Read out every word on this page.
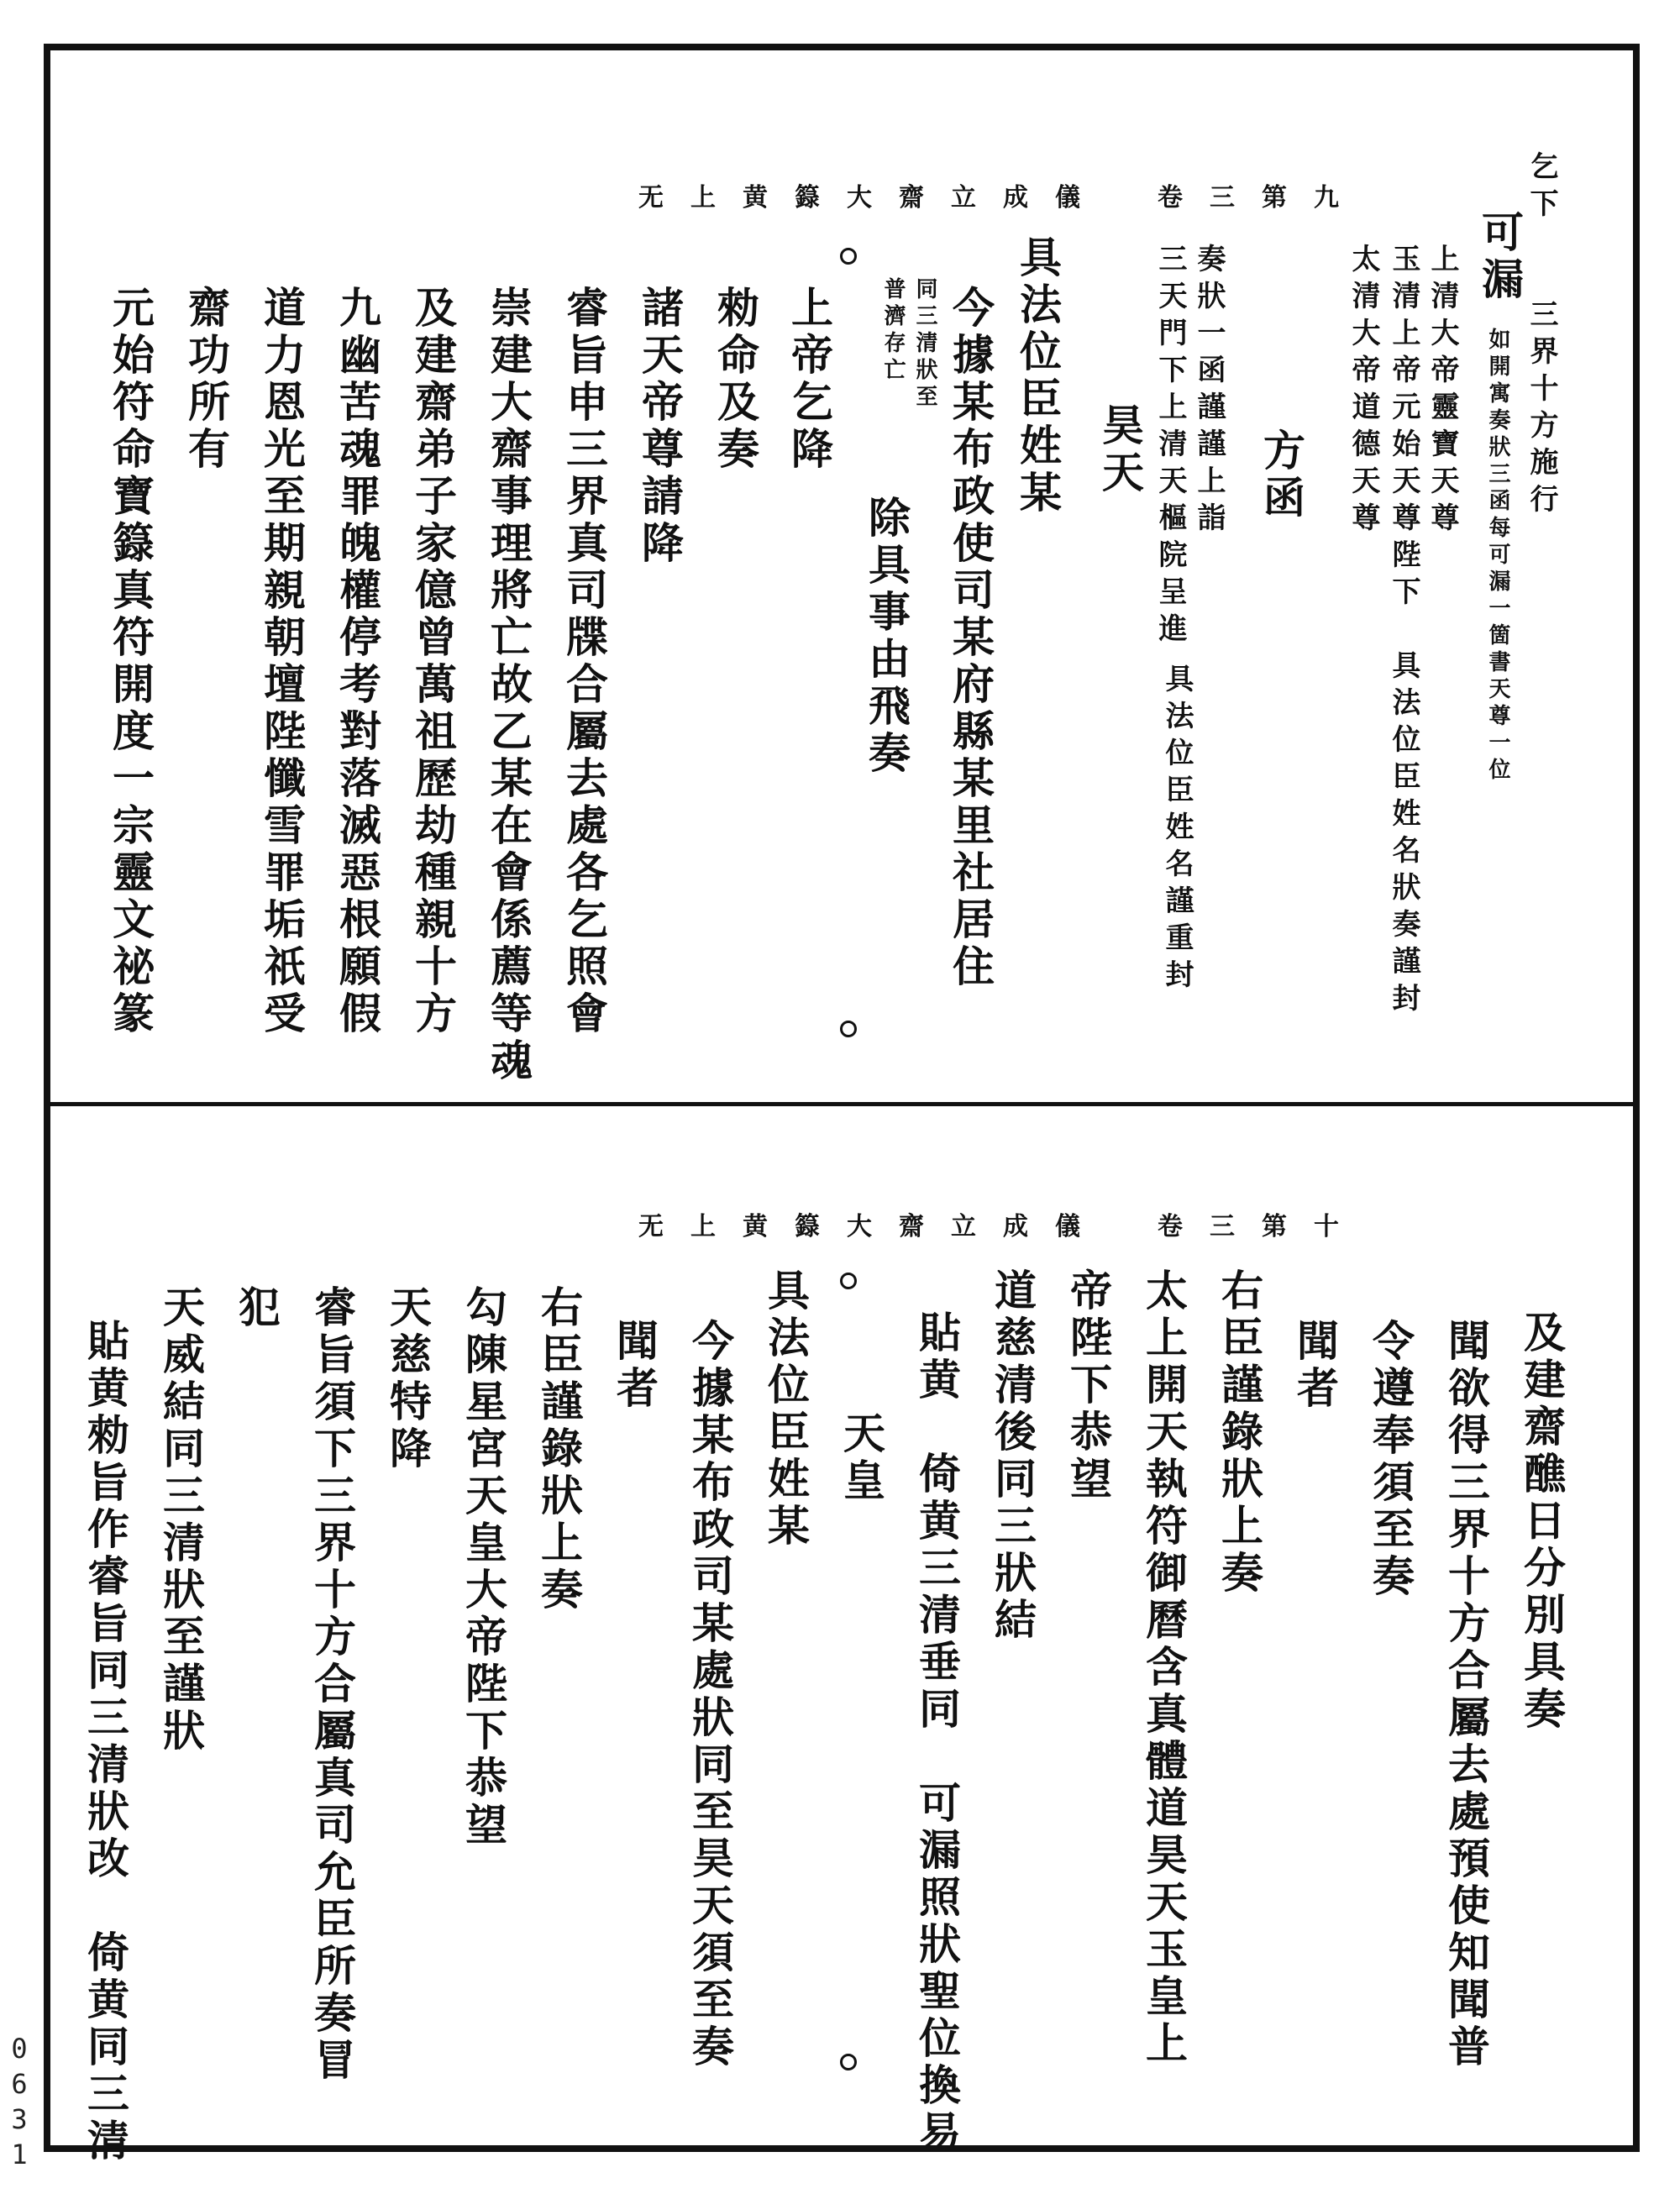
无上黄籙大齋立成儀 卷三第九
无上黄籙大齋立成儀 卷三第十
乞下　　三界十方施行
可漏
如開寓奏狀三函每可漏一箇書天尊一位
上清大帝靈寶天尊
玉清上帝元始天尊陛下　具法位臣姓名狀奏謹封
太清大帝道德天尊
方函
奏狀一函謹謹上詣
三天門下上清天樞院呈進
昊天
具法位臣姓名謹重封
具法位臣姓某
今據某布政使司某府縣某里社居住
同三清狀至
普濟存亡
除具事由飛奏
上帝乞降
勑命及奏
諸天帝尊請降
睿旨申三界真司牒合屬去處各乞照會
崇建大齋事理將亡故乙某在會係薦等魂
及建齋弟子家億曾萬祖歷劫種親十方
九幽苦魂罪魄權停考對落滅惡根願假
道力恩光至期親朝壇陛懺雪罪垢祇受
齋功所有
元始符命寶籙真符開度一宗靈文祕篆
及建齋醮日分別具奏
聞欲得三界十方合屬去處預使知聞普
令遵奉須至奏
聞者
右臣謹錄狀上奏
太上開天執符御曆含真體道昊天玉皇上
帝陛下恭望
道慈清後同三狀結
貼黄　倚黄三清垂同　可漏照狀聖位換易
天皇
具法位臣姓某
今據某布政司某處狀同至昊天須至奏
聞者
右臣謹錄狀上奏
勾陳星宮天皇大帝陛下恭望
天慈特降
睿旨須下三界十方合屬真司允臣所奏冒
犯
天威結同三清狀至謹狀
貼黄勑旨作睿旨同三清狀改　倚黄同三清
0631
